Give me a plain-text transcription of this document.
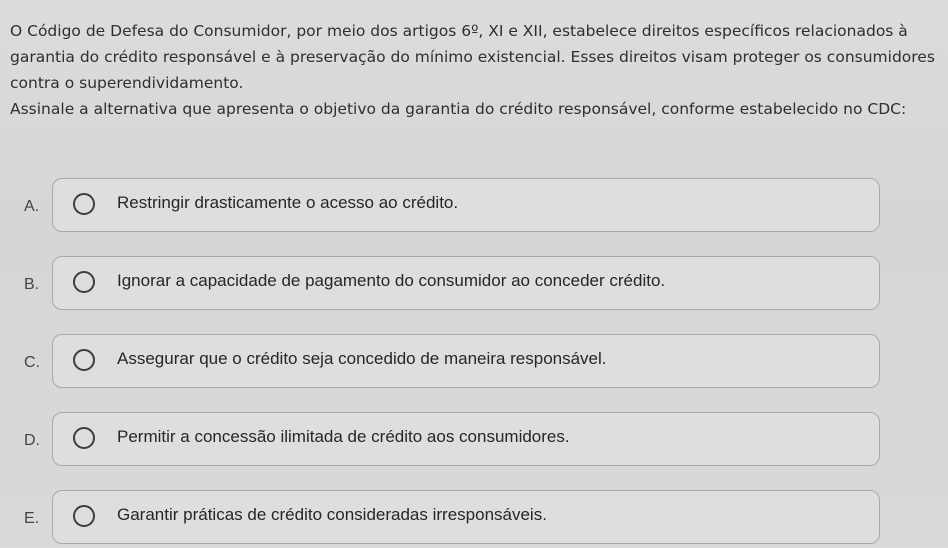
O Código de Defesa do Consumidor, por meio dos artigos 6º, XI e XII, estabelece direitos específicos relacionados à garantia do crédito responsável e à preservação do mínimo existencial. Esses direitos visam proteger os consumidores contra o superendividamento.

Assinale a alternativa que apresenta o objetivo da garantia do crédito responsável, conforme estabelecido no CDC:

A.	Restringir drasticamente o acesso ao crédito.
B.	Ignorar a capacidade de pagamento do consumidor ao conceder crédito.
C.	Assegurar que o crédito seja concedido de maneira responsável.
D.	Permitir a concessão ilimitada de crédito aos consumidores.
E.	Garantir práticas de crédito consideradas irresponsáveis.
